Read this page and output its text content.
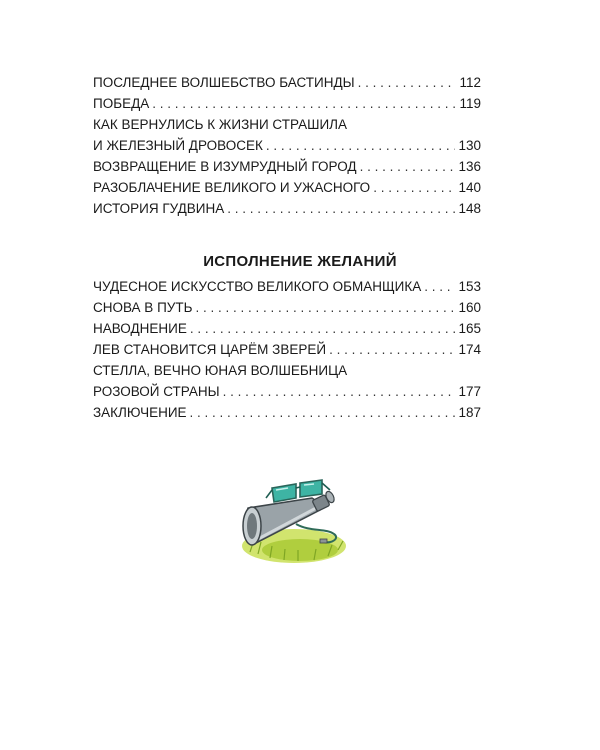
ПОСЛЕДНЕЕ ВОЛШЕБСТВО БАСТИНДЫ . . .	112
ПОБЕДА . . .	119
КАК ВЕРНУЛИСЬ К ЖИЗНИ СТРАШИЛА
И ЖЕЛЕЗНЫЙ ДРОВОСЕК . . .	130
ВОЗВРАЩЕНИЕ В ИЗУМРУДНЫЙ ГОРОД . . .	136
РАЗОБЛАЧЕНИЕ ВЕЛИКОГО И УЖАСНОГО . . .	140
ИСТОРИЯ ГУДВИНА . . .	148
ИСПОЛНЕНИЕ ЖЕЛАНИЙ
ЧУДЕСНОЕ ИСКУССТВО ВЕЛИКОГО ОБМАНЩИКА . . .	153
СНОВА В ПУТЬ . . .	160
НАВОДНЕНИЕ . . .	165
ЛЕВ СТАНОВИТСЯ ЦАРЁМ ЗВЕРЕЙ . . .	174
СТЕЛЛА, ВЕЧНО ЮНАЯ ВОЛШЕБНИЦА
РОЗОВОЙ СТРАНЫ . . .	177
ЗАКЛЮЧЕНИЕ . . .	187
